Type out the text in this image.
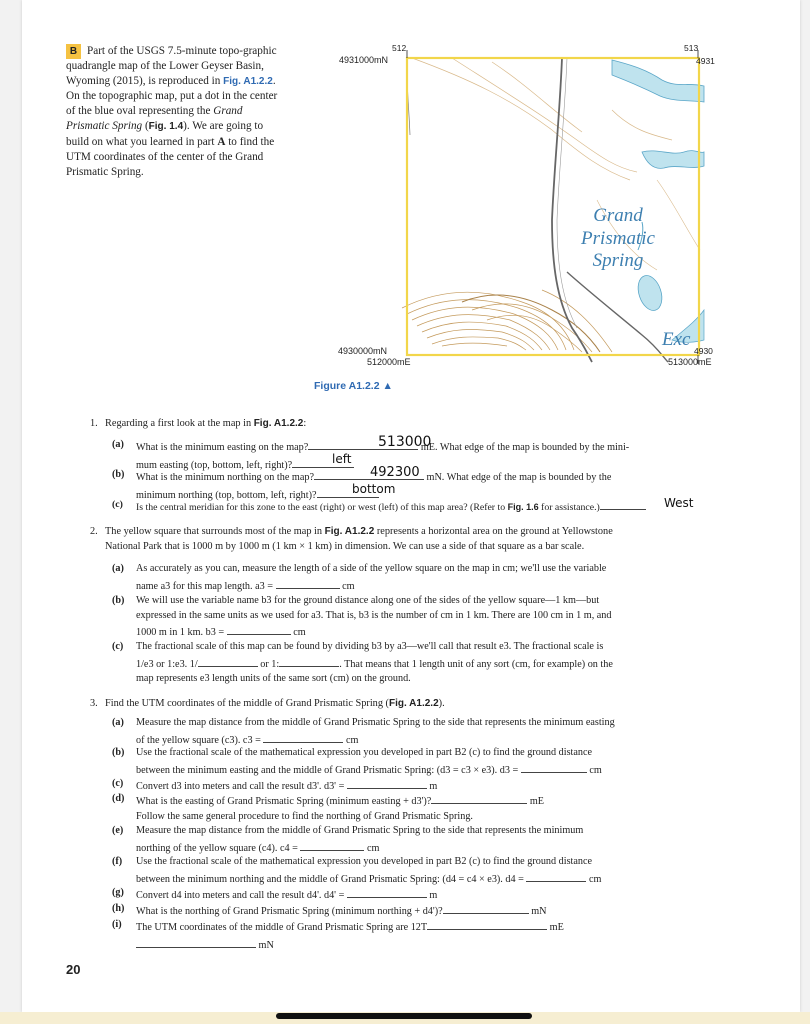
B Part of the USGS 7.5-minute topo-graphic quadrangle map of the Lower Geyser Basin, Wyoming (2015), is reproduced in Fig. A1.2.2. On the topographic map, put a dot in the center of the blue oval representing the Grand Prismatic Spring (Fig. 1.4). We are going to build on what you learned in part A to find the UTM coordinates of the center of the Grand Prismatic Spring.
Grand
Prismatic
Spring
Exc
4931000mN
512	513
4931
4930000mN
512000mE
4930
513000mE
Figure A1.2.2 ▲
1. Regarding a first look at the map in Fig. A1.2.2:
(a) What is the minimum easting on the map?	mE. What edge of the map is bounded by the mini-
mum easting (top, bottom, left, right)?
513000
left
(b) What is the minimum northing on the map?	mN. What edge of the map is bounded by the
minimum northing (top, bottom, left, right)?
492300
bottom
(c) Is the central meridian for this zone to the east (right) or west (left) of this map area? (Refer to Fig. 1.6 for assistance.)	West
2. The yellow square that surrounds most of the map in Fig. A1.2.2 represents a horizontal area on the ground at Yellowstone
National Park that is 1000 m by 1000 m (1 km × 1 km) in dimension. We can use a side of that square as a bar scale.
(a) As accurately as you can, measure the length of a side of the yellow square on the map in cm; we'll use the variable
name a3 for this map length. a3 =	cm
(b) We will use the variable name b3 for the ground distance along one of the sides of the yellow square—1 km—but
expressed in the same units as we used for a3. That is, b3 is the number of cm in 1 km. There are 100 cm in 1 m, and
1000 m in 1 km. b3 =	cm
(c) The fractional scale of this map can be found by dividing b3 by a3—we'll call that result e3. The fractional scale is
1/e3 or 1:e3. 1/	or 1:	. That means that 1 length unit of any sort (cm, for example) on the
map represents e3 length units of the same sort (cm) on the ground.
3. Find the UTM coordinates of the middle of Grand Prismatic Spring (Fig. A1.2.2).
(a) Measure the map distance from the middle of Grand Prismatic Spring to the side that represents the minimum easting
of the yellow square (c3). c3 =	cm
(b) Use the fractional scale of the mathematical expression you developed in part B2 (c) to find the ground distance
between the minimum easting and the middle of Grand Prismatic Spring: (d3 = c3 × e3). d3 =	cm
(c) Convert d3 into meters and call the result d3'. d3' =	m
(d) What is the easting of Grand Prismatic Spring (minimum easting + d3')?	mE
Follow the same general procedure to find the northing of Grand Prismatic Spring.
(e) Measure the map distance from the middle of Grand Prismatic Spring to the side that represents the minimum
northing of the yellow square (c4). c4 =	cm
(f) Use the fractional scale of the mathematical expression you developed in part B2 (c) to find the ground distance
between the minimum northing and the middle of Grand Prismatic Spring: (d4 = c4 × e3). d4 =	cm
(g) Convert d4 into meters and call the result d4'. d4' =	m
(h) What is the northing of Grand Prismatic Spring (minimum northing + d4')?	mN
(i) The UTM coordinates of the middle of Grand Prismatic Spring are 12T	mE
mN
20
